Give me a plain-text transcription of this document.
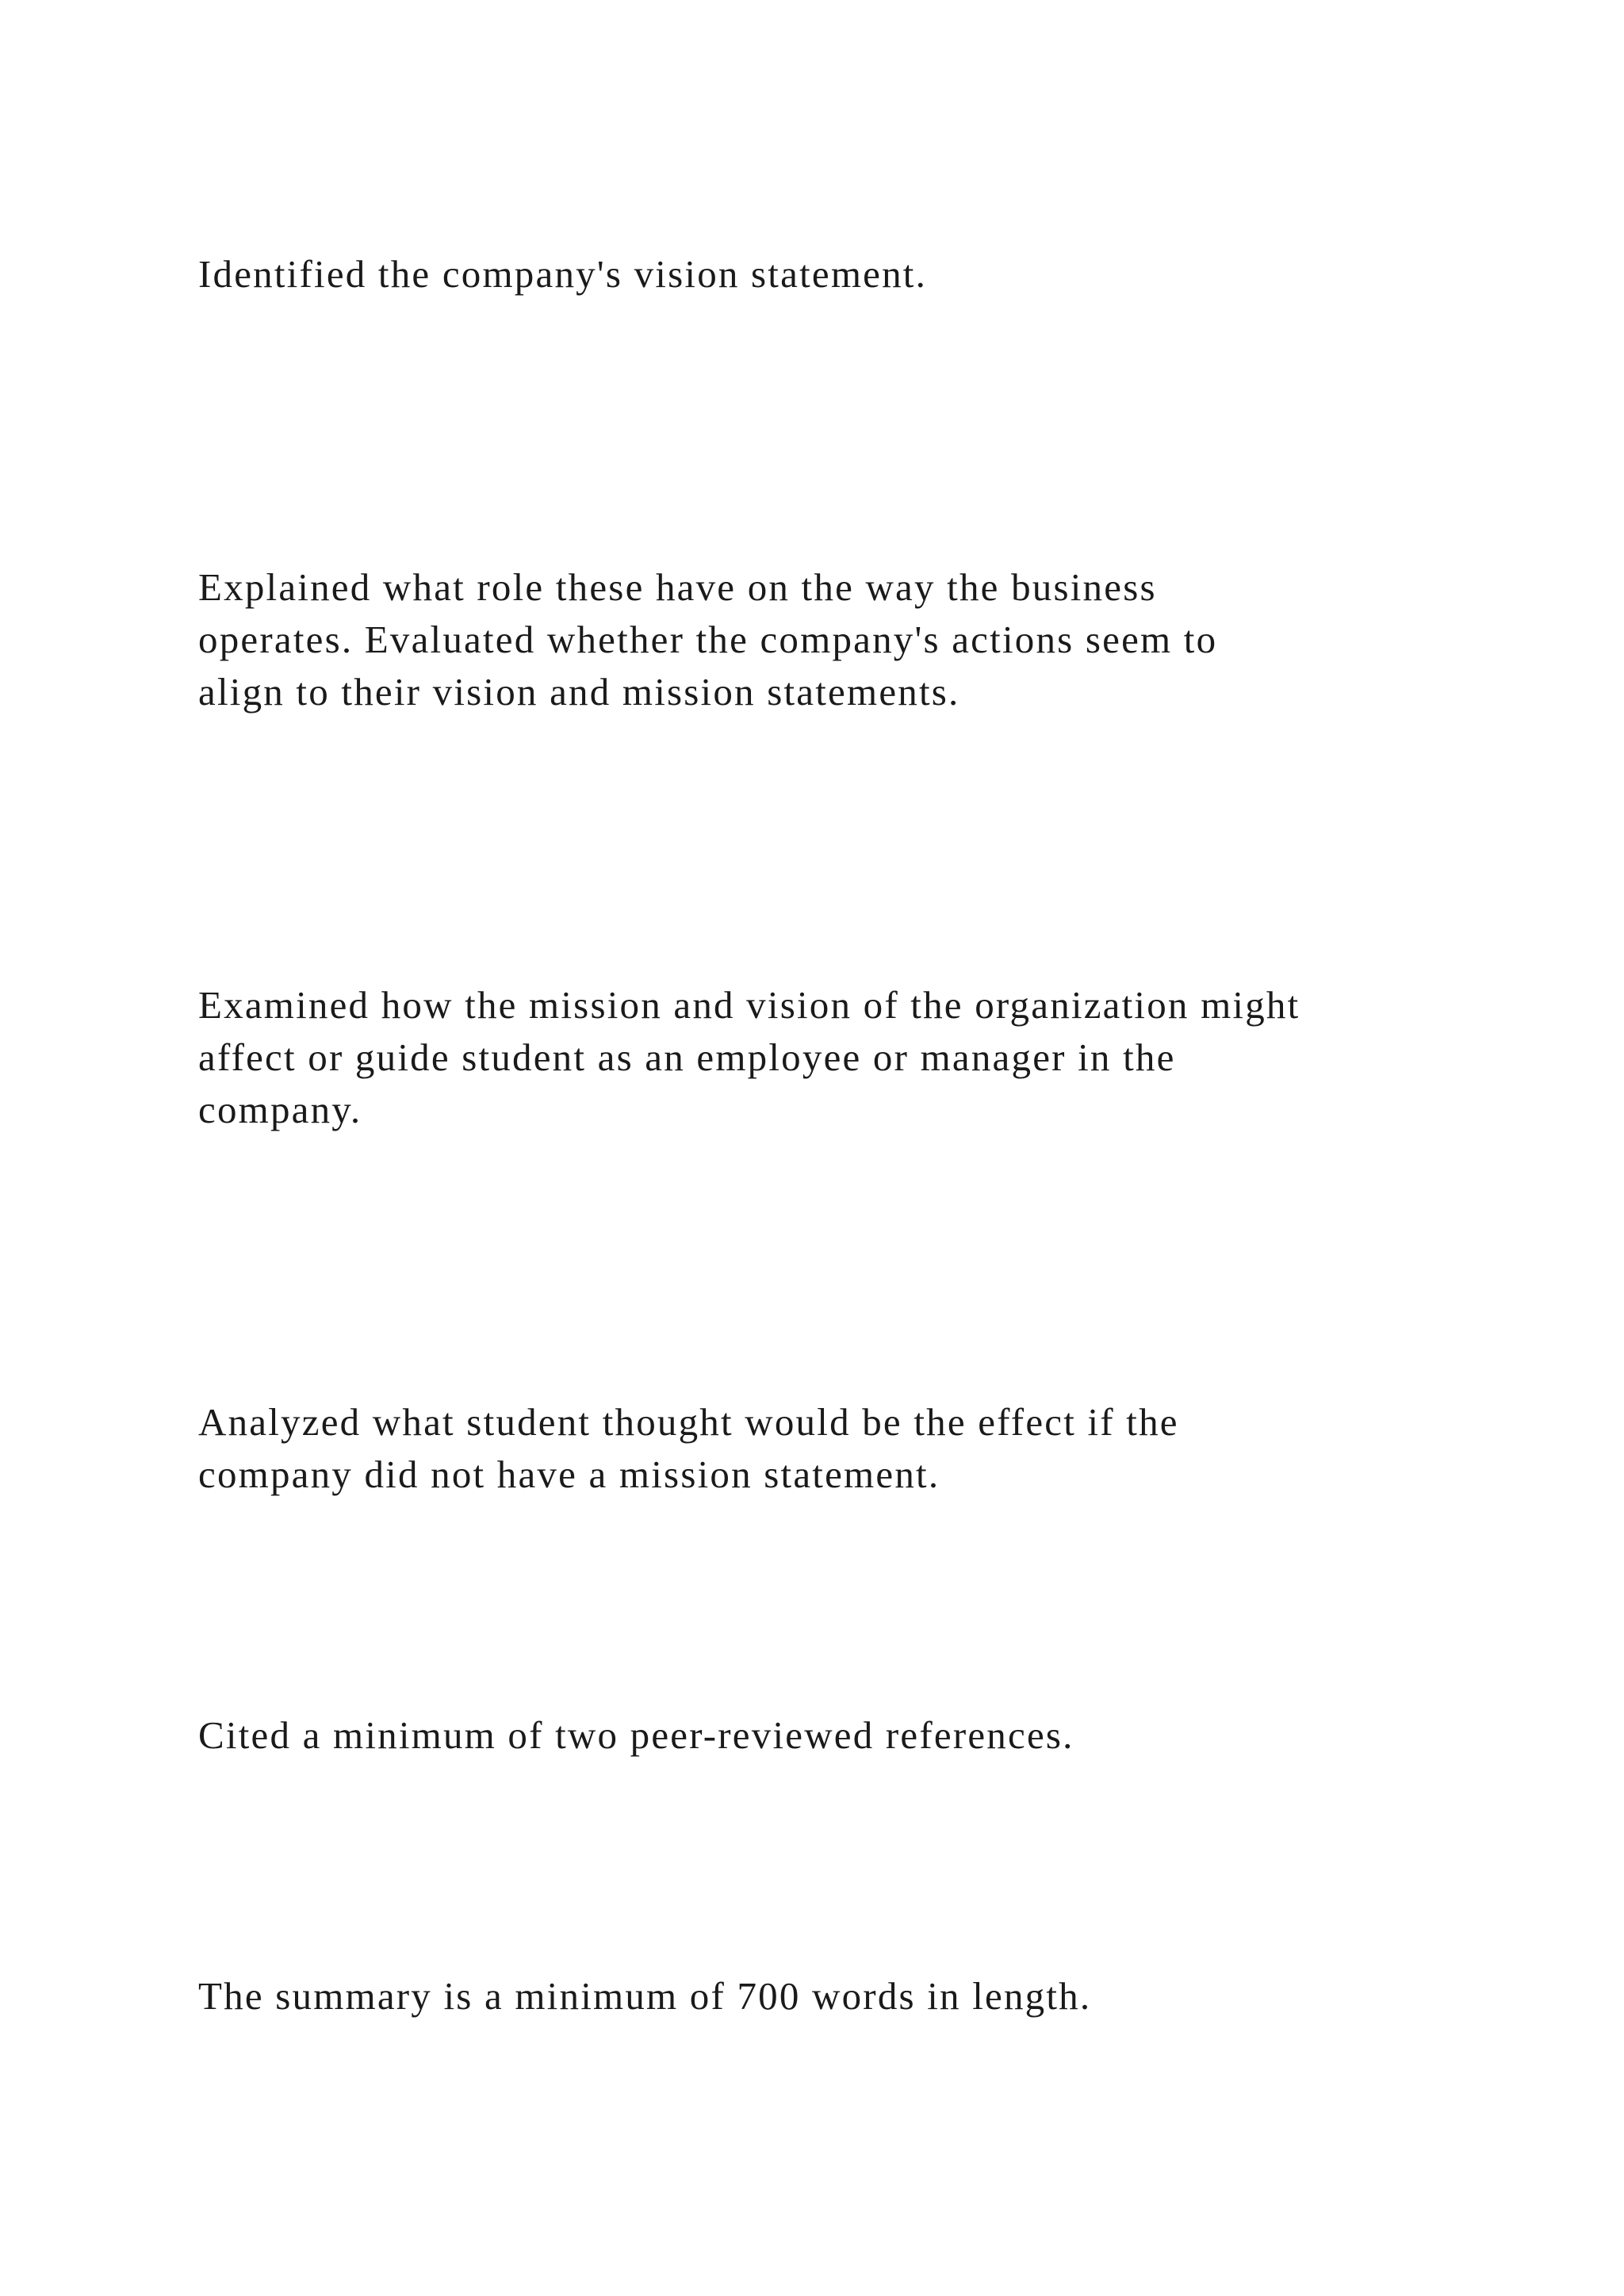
Identified the company's vision statement.

Explained what role these have on the way the business
operates. Evaluated whether the company's actions seem to
align to their vision and mission statements.

Examined how the mission and vision of the organization might
affect or guide student as an employee or manager in the
company.

Analyzed what student thought would be the effect if the
company did not have a mission statement.

Cited a minimum of two peer-reviewed references.

The summary is a minimum of 700 words in length.
